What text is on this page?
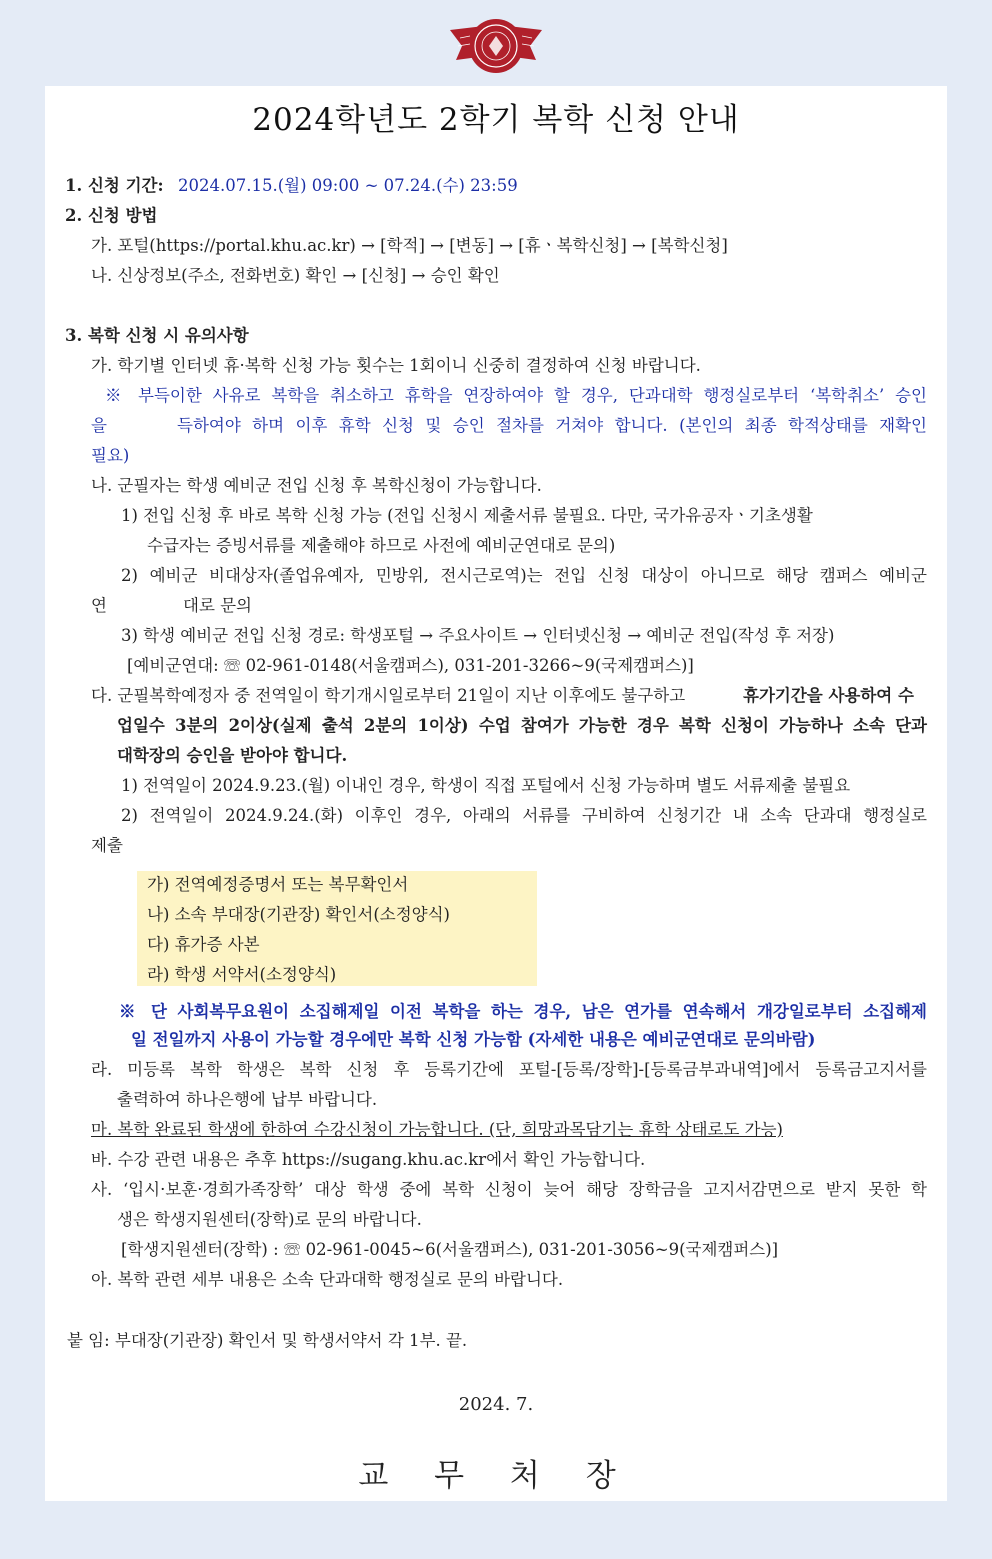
2024학년도 2학기 복학 신청 안내
1. 신청 기간: 2024.07.15.(월) 09:00 ~ 07.24.(수) 23:59
2. 신청 방법
가. 포털(https://portal.khu.ac.kr) → [학적] → [변동] → [휴ㆍ복학신청] → [복학신청]
나. 신상정보(주소, 전화번호) 확인 → [신청] → 승인 확인
3. 복학 신청 시 유의사항
가. 학기별 인터넷 휴·복학 신청 가능 횟수는 1회이니 신중히 결정하여 신청 바랍니다.
※ 부득이한 사유로 복학을 취소하고 휴학을 연장하여야 할 경우, 단과대학 행정실로부터 ‘복학취소’ 승인
을	득하여야 하며 이후 휴학 신청 및 승인 절차를 거쳐야 합니다. (본인의 최종 학적상태를 재확인
필요)
나. 군필자는 학생 예비군 전입 신청 후 복학신청이 가능합니다.
1) 전입 신청 후 바로 복학 신청 가능 (전입 신청시 제출서류 불필요. 다만, 국가유공자ㆍ기초생활
수급자는 증빙서류를 제출해야 하므로 사전에 예비군연대로 문의)
2) 예비군 비대상자(졸업유예자, 민방위, 전시근로역)는 전입 신청 대상이 아니므로 해당 캠퍼스 예비군
연	대로 문의
3) 학생 예비군 전입 신청 경로: 학생포털 → 주요사이트 → 인터넷신청 → 예비군 전입(작성 후 저장)
[예비군연대: ☏ 02-961-0148(서울캠퍼스), 031-201-3266~9(국제캠퍼스)]
다. 군필복학예정자 중 전역일이 학기개시일로부터 21일이 지난 이후에도 불구하고	휴가기간을 사용하여 수
업일수 3분의 2이상(실제 출석 2분의 1이상) 수업 참여가 가능한 경우 복학 신청이 가능하나 소속 단과
대학장의 승인을 받아야 합니다.
1) 전역일이 2024.9.23.(월) 이내인 경우, 학생이 직접 포털에서 신청 가능하며 별도 서류제출 불필요
2) 전역일이 2024.9.24.(화) 이후인 경우, 아래의 서류를 구비하여 신청기간 내 소속 단과대 행정실로
제출
가) 전역예정증명서 또는 복무확인서
나) 소속 부대장(기관장) 확인서(소정양식)
다) 휴가증 사본
라) 학생 서약서(소정양식)
※ 단 사회복무요원이 소집해제일 이전 복학을 하는 경우, 남은 연가를 연속해서 개강일로부터 소집해제
일 전일까지 사용이 가능할 경우에만 복학 신청 가능함 (자세한 내용은 예비군연대로 문의바람)
라. 미등록 복학 학생은 복학 신청 후 등록기간에 포털-[등록/장학]-[등록금부과내역]에서 등록금고지서를
출력하여 하나은행에 납부 바랍니다.
마. 복학 완료된 학생에 한하여 수강신청이 가능합니다. (단, 희망과목담기는 휴학 상태로도 가능)
바. 수강 관련 내용은 추후 https://sugang.khu.ac.kr에서 확인 가능합니다.
사. ‘입시·보훈·경희가족장학’ 대상 학생 중에 복학 신청이 늦어 해당 장학금을 고지서감면으로 받지 못한 학
생은 학생지원센터(장학)로 문의 바랍니다.
[학생지원센터(장학) : ☏ 02-961-0045~6(서울캠퍼스), 031-201-3056~9(국제캠퍼스)]
아. 복학 관련 세부 내용은 소속 단과대학 행정실로 문의 바랍니다.
붙 임: 부대장(기관장) 확인서 및 학생서약서 각 1부. 끝.
2024. 7.
교 무 처 장
